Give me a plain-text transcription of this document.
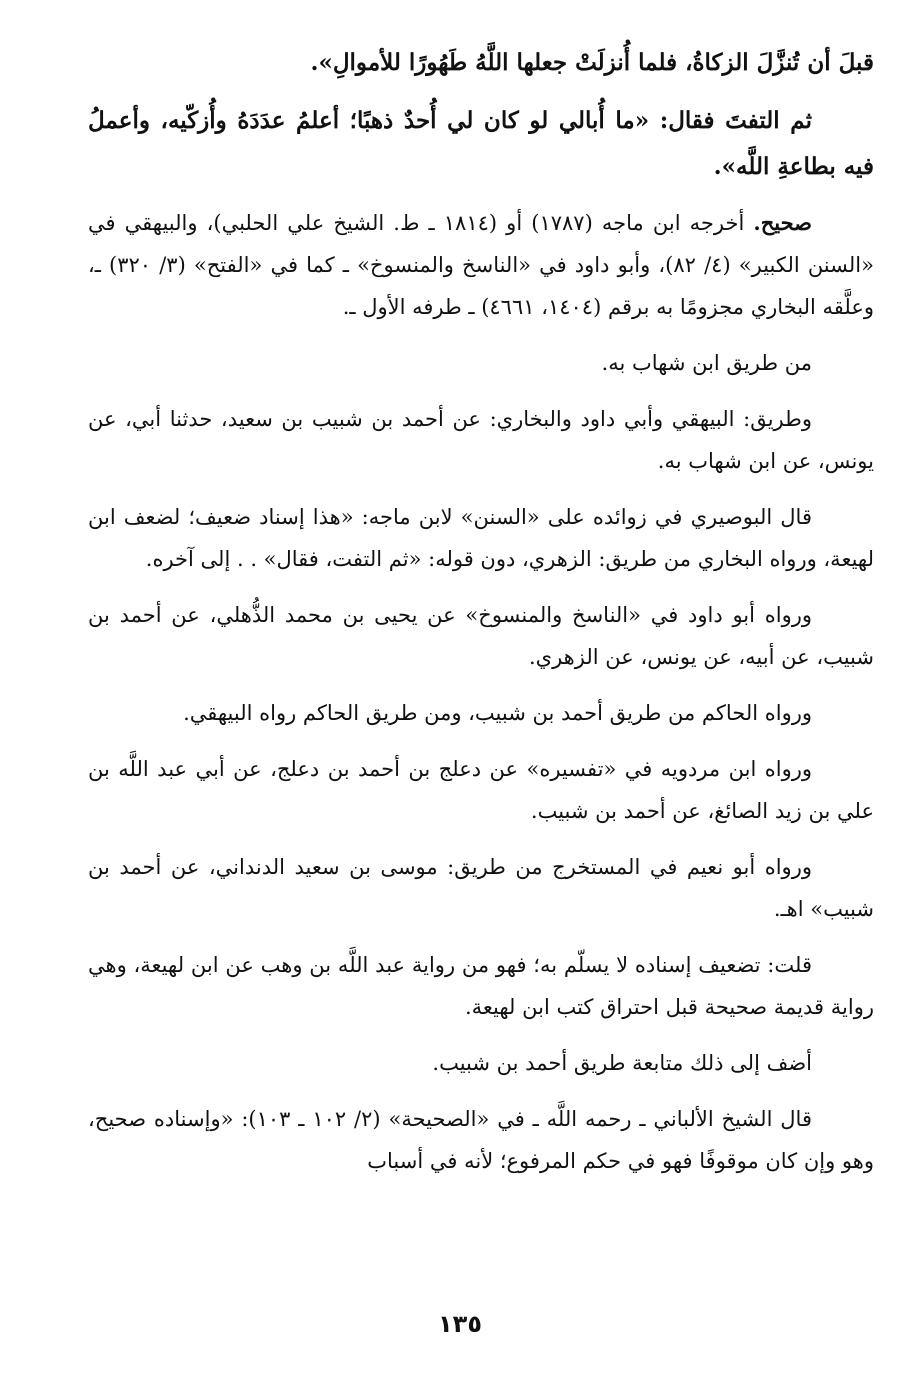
قبلَ أن تُنزَّلَ الزكاةُ، فلما أُنزلَتْ جعلها اللَّهُ طَهُورًا للأموالِ».

ثم التفتَ فقال: «ما أُبالي لو كان لي أُحدٌ ذهبًا؛ أعلمُ عدَدَهُ وأُزكّيه، وأعملُ فيه بطاعةِ اللَّه».

صحيح. أخرجه ابن ماجه (١٧٨٧) أو (١٨١٤ ـ ط. الشيخ علي الحلبي)، والبيهقي في «السنن الكبير» (٤/ ٨٢)، وأبو داود في «الناسخ والمنسوخ» ـ كما في «الفتح» (٣/ ٣٢٠) ـ، وعلَّقه البخاري مجزومًا به برقم (١٤٠٤، ٤٦٦١) ـ طرفه الأول ـ.

من طريق ابن شهاب به.

وطريق: البيهقي وأبي داود والبخاري: عن أحمد بن شبيب بن سعيد، حدثنا أبي، عن يونس، عن ابن شهاب به.

قال البوصيري في زوائده على «السنن» لابن ماجه: «هذا إسناد ضعيف؛ لضعف ابن لهيعة، ورواه البخاري من طريق: الزهري، دون قوله: «ثم التفت، فقال» . . إلى آخره.

ورواه أبو داود في «الناسخ والمنسوخ» عن يحيى بن محمد الذُّهلي، عن أحمد بن شبيب، عن أبيه، عن يونس، عن الزهري.

ورواه الحاكم من طريق أحمد بن شبيب، ومن طريق الحاكم رواه البيهقي.

ورواه ابن مردويه في «تفسيره» عن دعلج بن أحمد بن دعلج، عن أبي عبد اللَّه بن علي بن زيد الصائغ، عن أحمد بن شبيب.

ورواه أبو نعيم في المستخرج من طريق: موسى بن سعيد الدنداني، عن أحمد بن شبيب» اهـ.

قلت: تضعيف إسناده لا يسلّم به؛ فهو من رواية عبد اللَّه بن وهب عن ابن لهيعة، وهي رواية قديمة صحيحة قبل احتراق كتب ابن لهيعة.

أضف إلى ذلك متابعة طريق أحمد بن شبيب.

قال الشيخ الألباني ـ رحمه اللَّه ـ في «الصحيحة» (٢/ ١٠٢ ـ ١٠٣): «وإسناده صحيح، وهو وإن كان موقوفًا فهو في حكم المرفوع؛ لأنه في أسباب

١٣٥
